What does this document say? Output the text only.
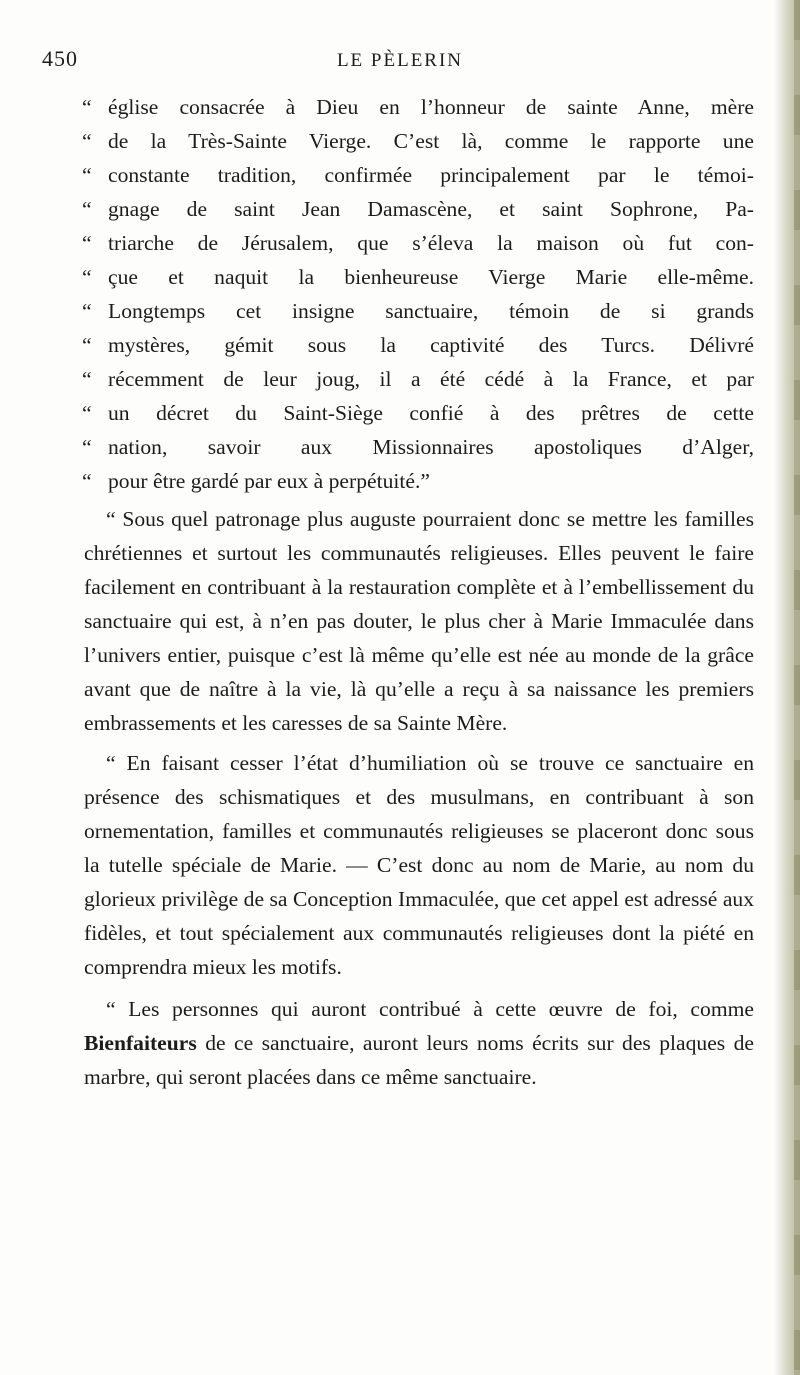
450	LE PÈLERIN
“ église consacrée à Dieu en l’honneur de sainte Anne, mère
“ de la Très-Sainte Vierge. C’est là, comme le rapporte une
“ constante tradition, confirmée principalement par le témoi-
“ gnage de saint Jean Damascène, et saint Sophrone, Pa-
“ triarche de Jérusalem, que s’éleva la maison où fut con-
“ çue et naquit la bienheureuse Vierge Marie elle-même.
“ Longtemps cet insigne sanctuaire, témoin de si grands
“ mystères, gémit sous la captivité des Turcs. Délivré
“ récemment de leur joug, il a été cédé à la France, et par
“ un décret du Saint-Siège confié à des prêtres de cette
“ nation, savoir aux Missionnaires apostoliques d’Alger,
“ pour être gardé par eux à perpétuité.”

“ Sous quel patronage plus auguste pourraient donc se mettre les familles chrétiennes et surtout les communautés religieuses. Elles peuvent le faire facilement en contribuant à la restauration complète et à l’embellissement du sanctuaire qui est, à n’en pas douter, le plus cher à Marie Immaculée dans l’univers entier, puisque c’est là même qu’elle est née au monde de la grâce avant que de naître à la vie, là qu’elle a reçu à sa naissance les premiers embrassements et les caresses de sa Sainte Mère.

“ En faisant cesser l’état d’humiliation où se trouve ce sanctuaire en présence des schismatiques et des musulmans, en contribuant à son ornementation, familles et communautés religieuses se placeront donc sous la tutelle spéciale de Marie. — C’est donc au nom de Marie, au nom du glorieux privilège de sa Conception Immaculée, que cet appel est adressé aux fidèles, et tout spécialement aux communautés religieuses dont la piété en comprendra mieux les motifs.

“ Les personnes qui auront contribué à cette œuvre de foi, comme Bienfaiteurs de ce sanctuaire, auront leurs noms écrits sur des plaques de marbre, qui seront placées dans ce même sanctuaire.
